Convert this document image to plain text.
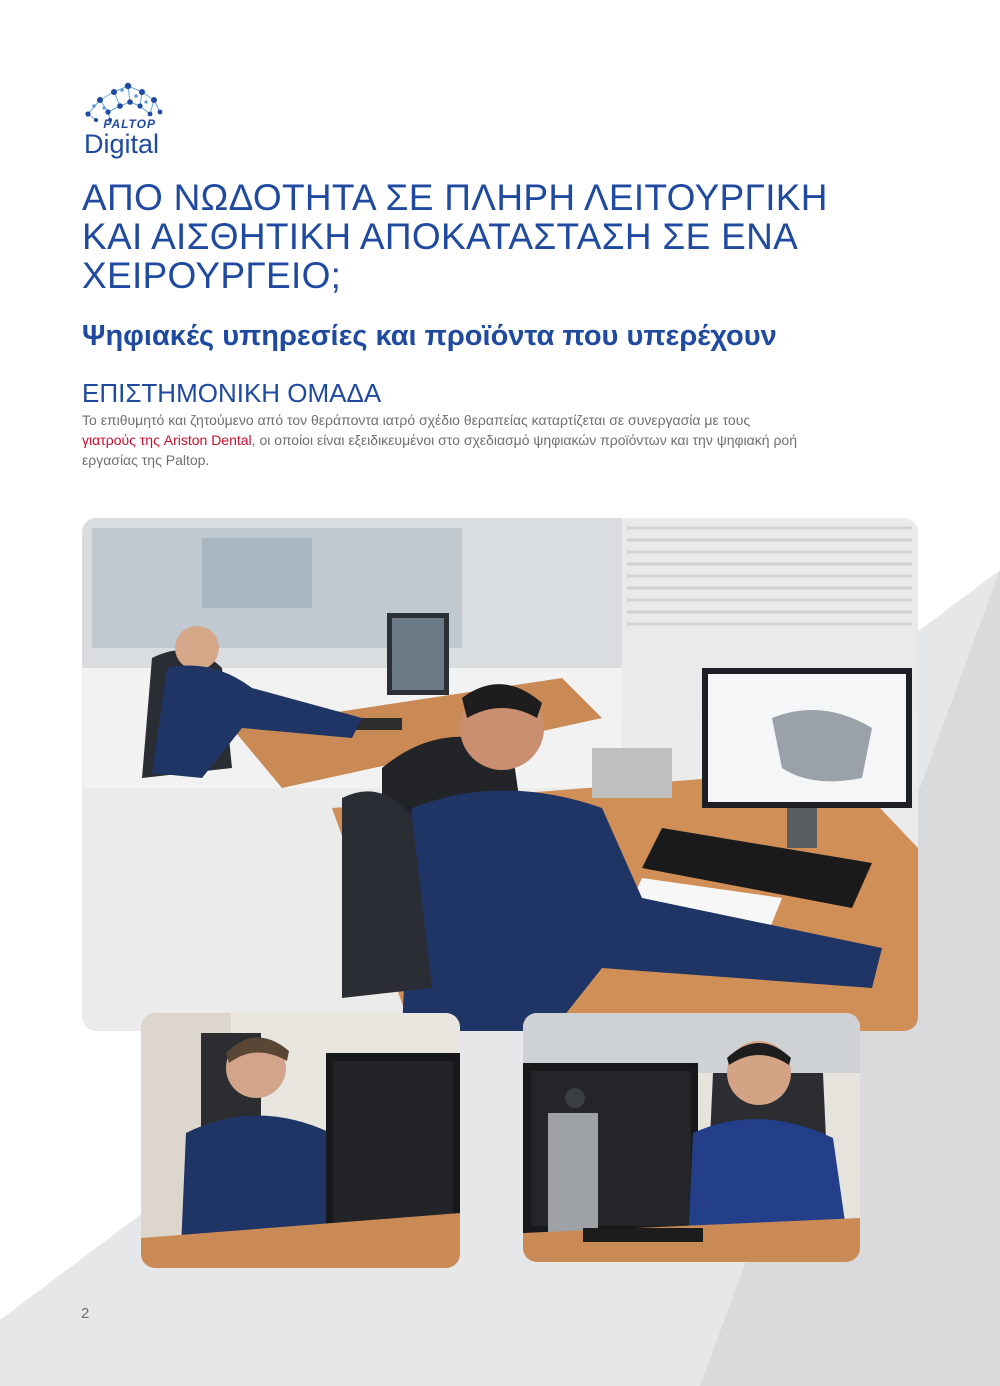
PALTOP
Digital
ΑΠΟ ΝΩΔΟΤΗΤΑ ΣΕ ΠΛΗΡΗ ΛΕΙΤΟΥΡΓΙΚΗ ΚΑΙ ΑΙΣΘΗΤΙΚΗ ΑΠΟΚΑΤΑΣΤΑΣΗ ΣΕ ΕΝΑ ΧΕΙΡΟΥΡΓΕΙΟ;
Ψηφιακές υπηρεσίες και προϊόντα που υπερέχουν
ΕΠΙΣΤΗΜΟΝΙΚΗ ΟΜΑΔΑ

Το επιθυμητό και ζητούμενο από τον θεράποντα ιατρό σχέδιο θεραπείας καταρτίζεται σε συνεργασία με τους γιατρούς της Ariston Dental, οι οποίοι είναι εξειδικευμένοι στο σχεδιασμό ψηφιακών προϊόντων και την ψηφιακή ροή εργασίας της Paltop.

2
